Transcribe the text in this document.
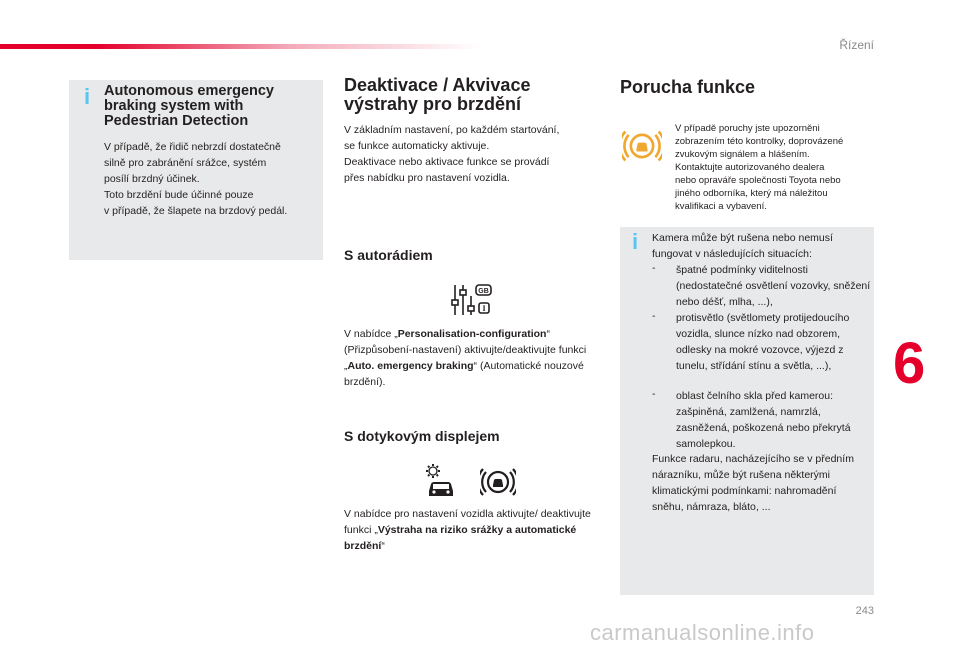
Řízení
i Autonomous emergency braking system with Pedestrian Detection
V případě, že řidič nebrzdí dostatečně
silně pro zabránění srážce, systém
posílí brzdný účinek.
Toto brzdění bude účinné pouze
v případě, že šlapete na brzdový pedál.
Deaktivace / Akvivace výstrahy pro brzdění
V základním nastavení, po každém startování,
se funkce automaticky aktivuje.
Deaktivace nebo aktivace funkce se provádí
přes nabídku pro nastavení vozidla.
S autorádiem
GB
I
V nabídce „Personalisation-configuration“ (Přizpůsobení-nastavení) aktivujte/deaktivujte funkci „Auto. emergency braking“ (Automatické nouzové brzdění).
S dotykovým displejem
V nabídce pro nastavení vozidla aktivujte/ deaktivujte funkci „Výstraha na riziko srážky a automatické brzdění“
Porucha funkce
V případě poruchy jste upozorněni
zobrazením této kontrolky, doprovázené
zvukovým signálem a hlášením.
Kontaktujte autorizovaného dealera
nebo opraváře společnosti Toyota nebo
jiného odborníka, který má náležitou
kvalifikaci a vybavení.
i Kamera může být rušena nebo nemusí fungovat v následujících situacích:
- špatné podmínky viditelnosti (nedostatečné osvětlení vozovky, sněžení nebo déšť, mlha, ...),
- protisvětlo (světlomety protijedoucího vozidla, slunce nízko nad obzorem, odlesky na mokré vozovce, výjezd z tunelu, střídání stínu a světla, ...),
- oblast čelního skla před kamerou: zašpiněná, zamlžená, namrzlá, zasněžená, poškozená nebo překrytá samolepkou.
Funkce radaru, nacházejícího se v předním nárazníku, může být rušena některými klimatickými podmínkami: nahromadění sněhu, námraza, bláto, ...
6
243
carmanualsonline.info
